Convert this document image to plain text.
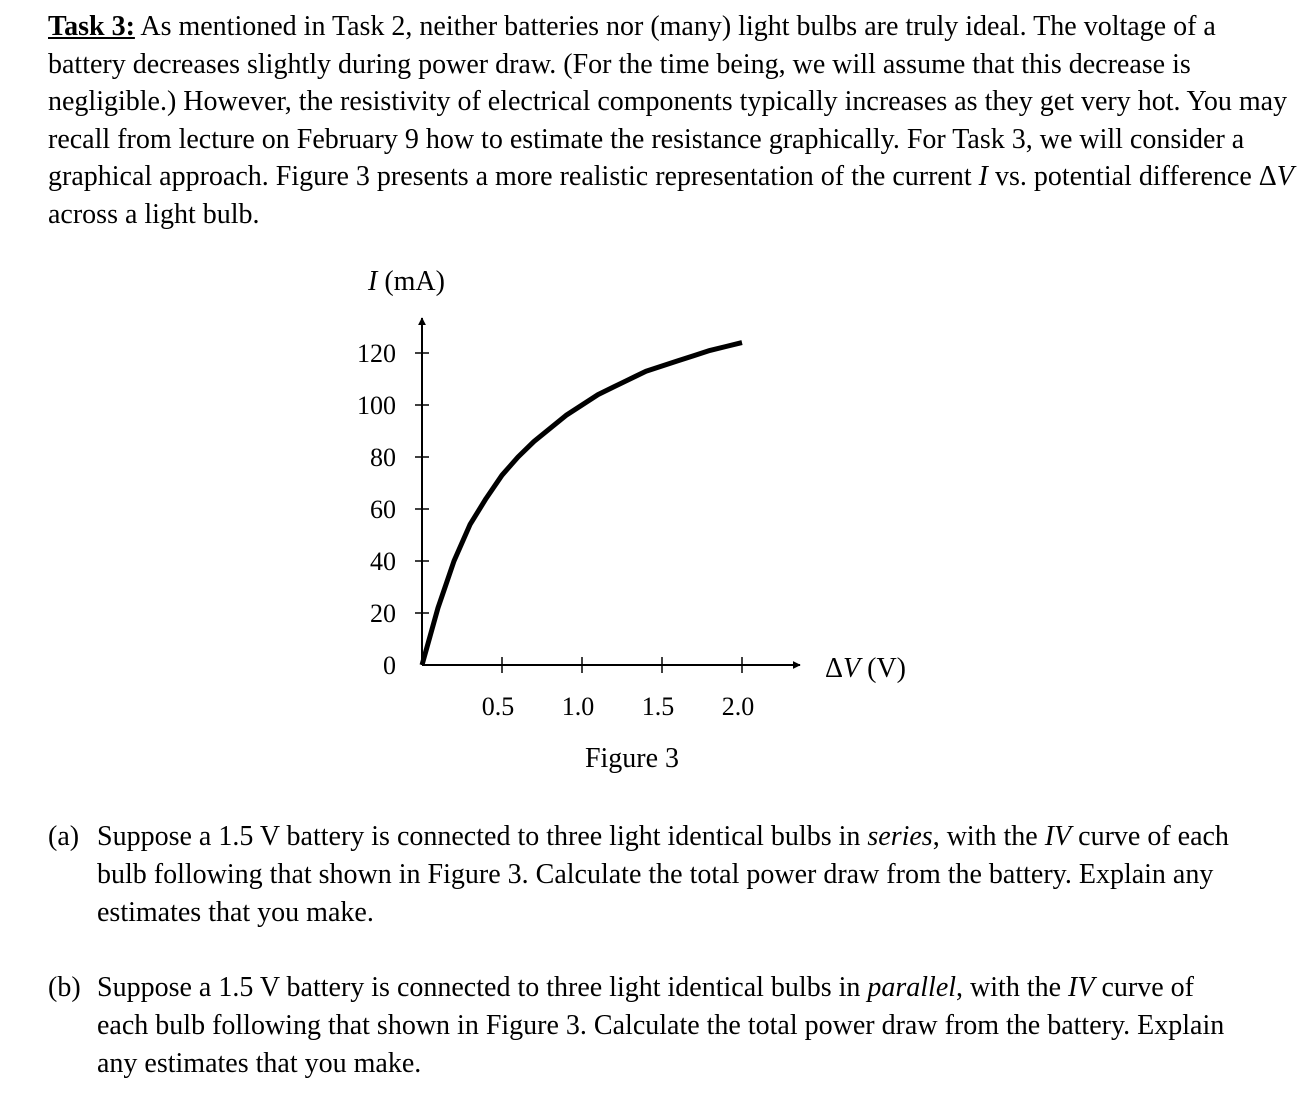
Task 3: As mentioned in Task 2, neither batteries nor (many) light bulbs are truly ideal. The voltage of a battery decreases slightly during power draw. (For the time being, we will assume that this decrease is negligible.) However, the resistivity of electrical components typically increases as they get very hot. You may recall from lecture on February 9 how to estimate the resistance graphically. For Task 3, we will consider a graphical approach. Figure 3 presents a more realistic representation of the current I vs. potential difference ΔV across a light bulb.

I (mA)
ΔV (V)
0
20
40
60
80
100
120
0.5 1.0 1.5 2.0
Figure 3
(a) Suppose a 1.5 V battery is connected to three light identical bulbs in series, with the IV curve of each bulb following that shown in Figure 3. Calculate the total power draw from the battery. Explain any estimates that you make.
(b) Suppose a 1.5 V battery is connected to three light identical bulbs in parallel, with the IV curve of each bulb following that shown in Figure 3. Calculate the total power draw from the battery. Explain any estimates that you make.
